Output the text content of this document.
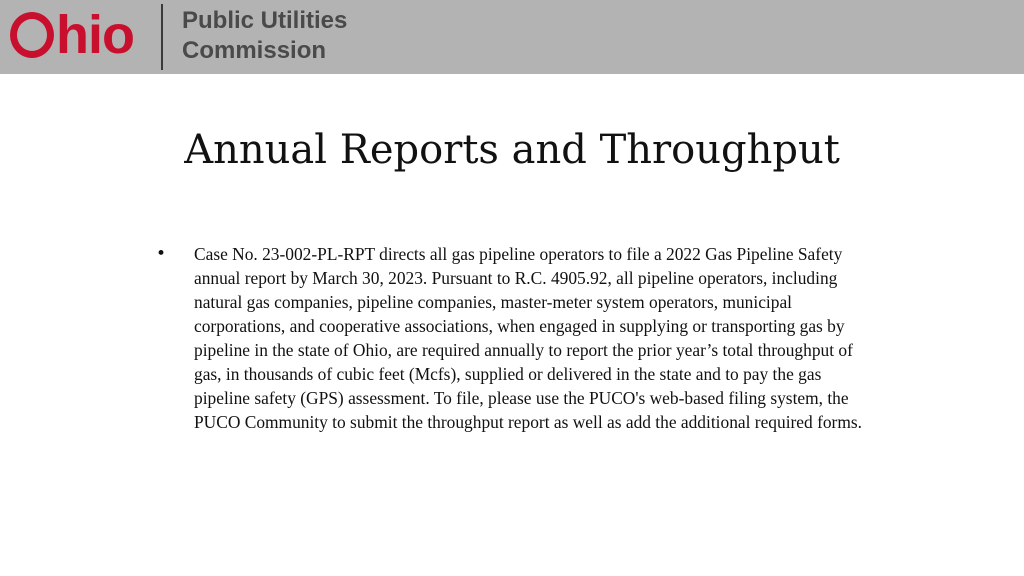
hio Public Utilities
Commission
Annual Reports and Throughput
•	Case No. 23-002-PL-RPT directs all gas pipeline operators to file a 2022 Gas Pipeline Safety annual report by March 30, 2023. Pursuant to R.C. 4905.92, all pipeline operators, including natural gas companies, pipeline companies, master-meter system operators, municipal corporations, and cooperative associations, when engaged in supplying or transporting gas by pipeline in the state of Ohio, are required annually to report the prior year’s total throughput of gas, in thousands of cubic feet (Mcfs), supplied or delivered in the state and to pay the gas pipeline safety (GPS) assessment. To file, please use the PUCO's web-based filing system, the PUCO Community to submit the throughput report as well as add the additional required forms.
